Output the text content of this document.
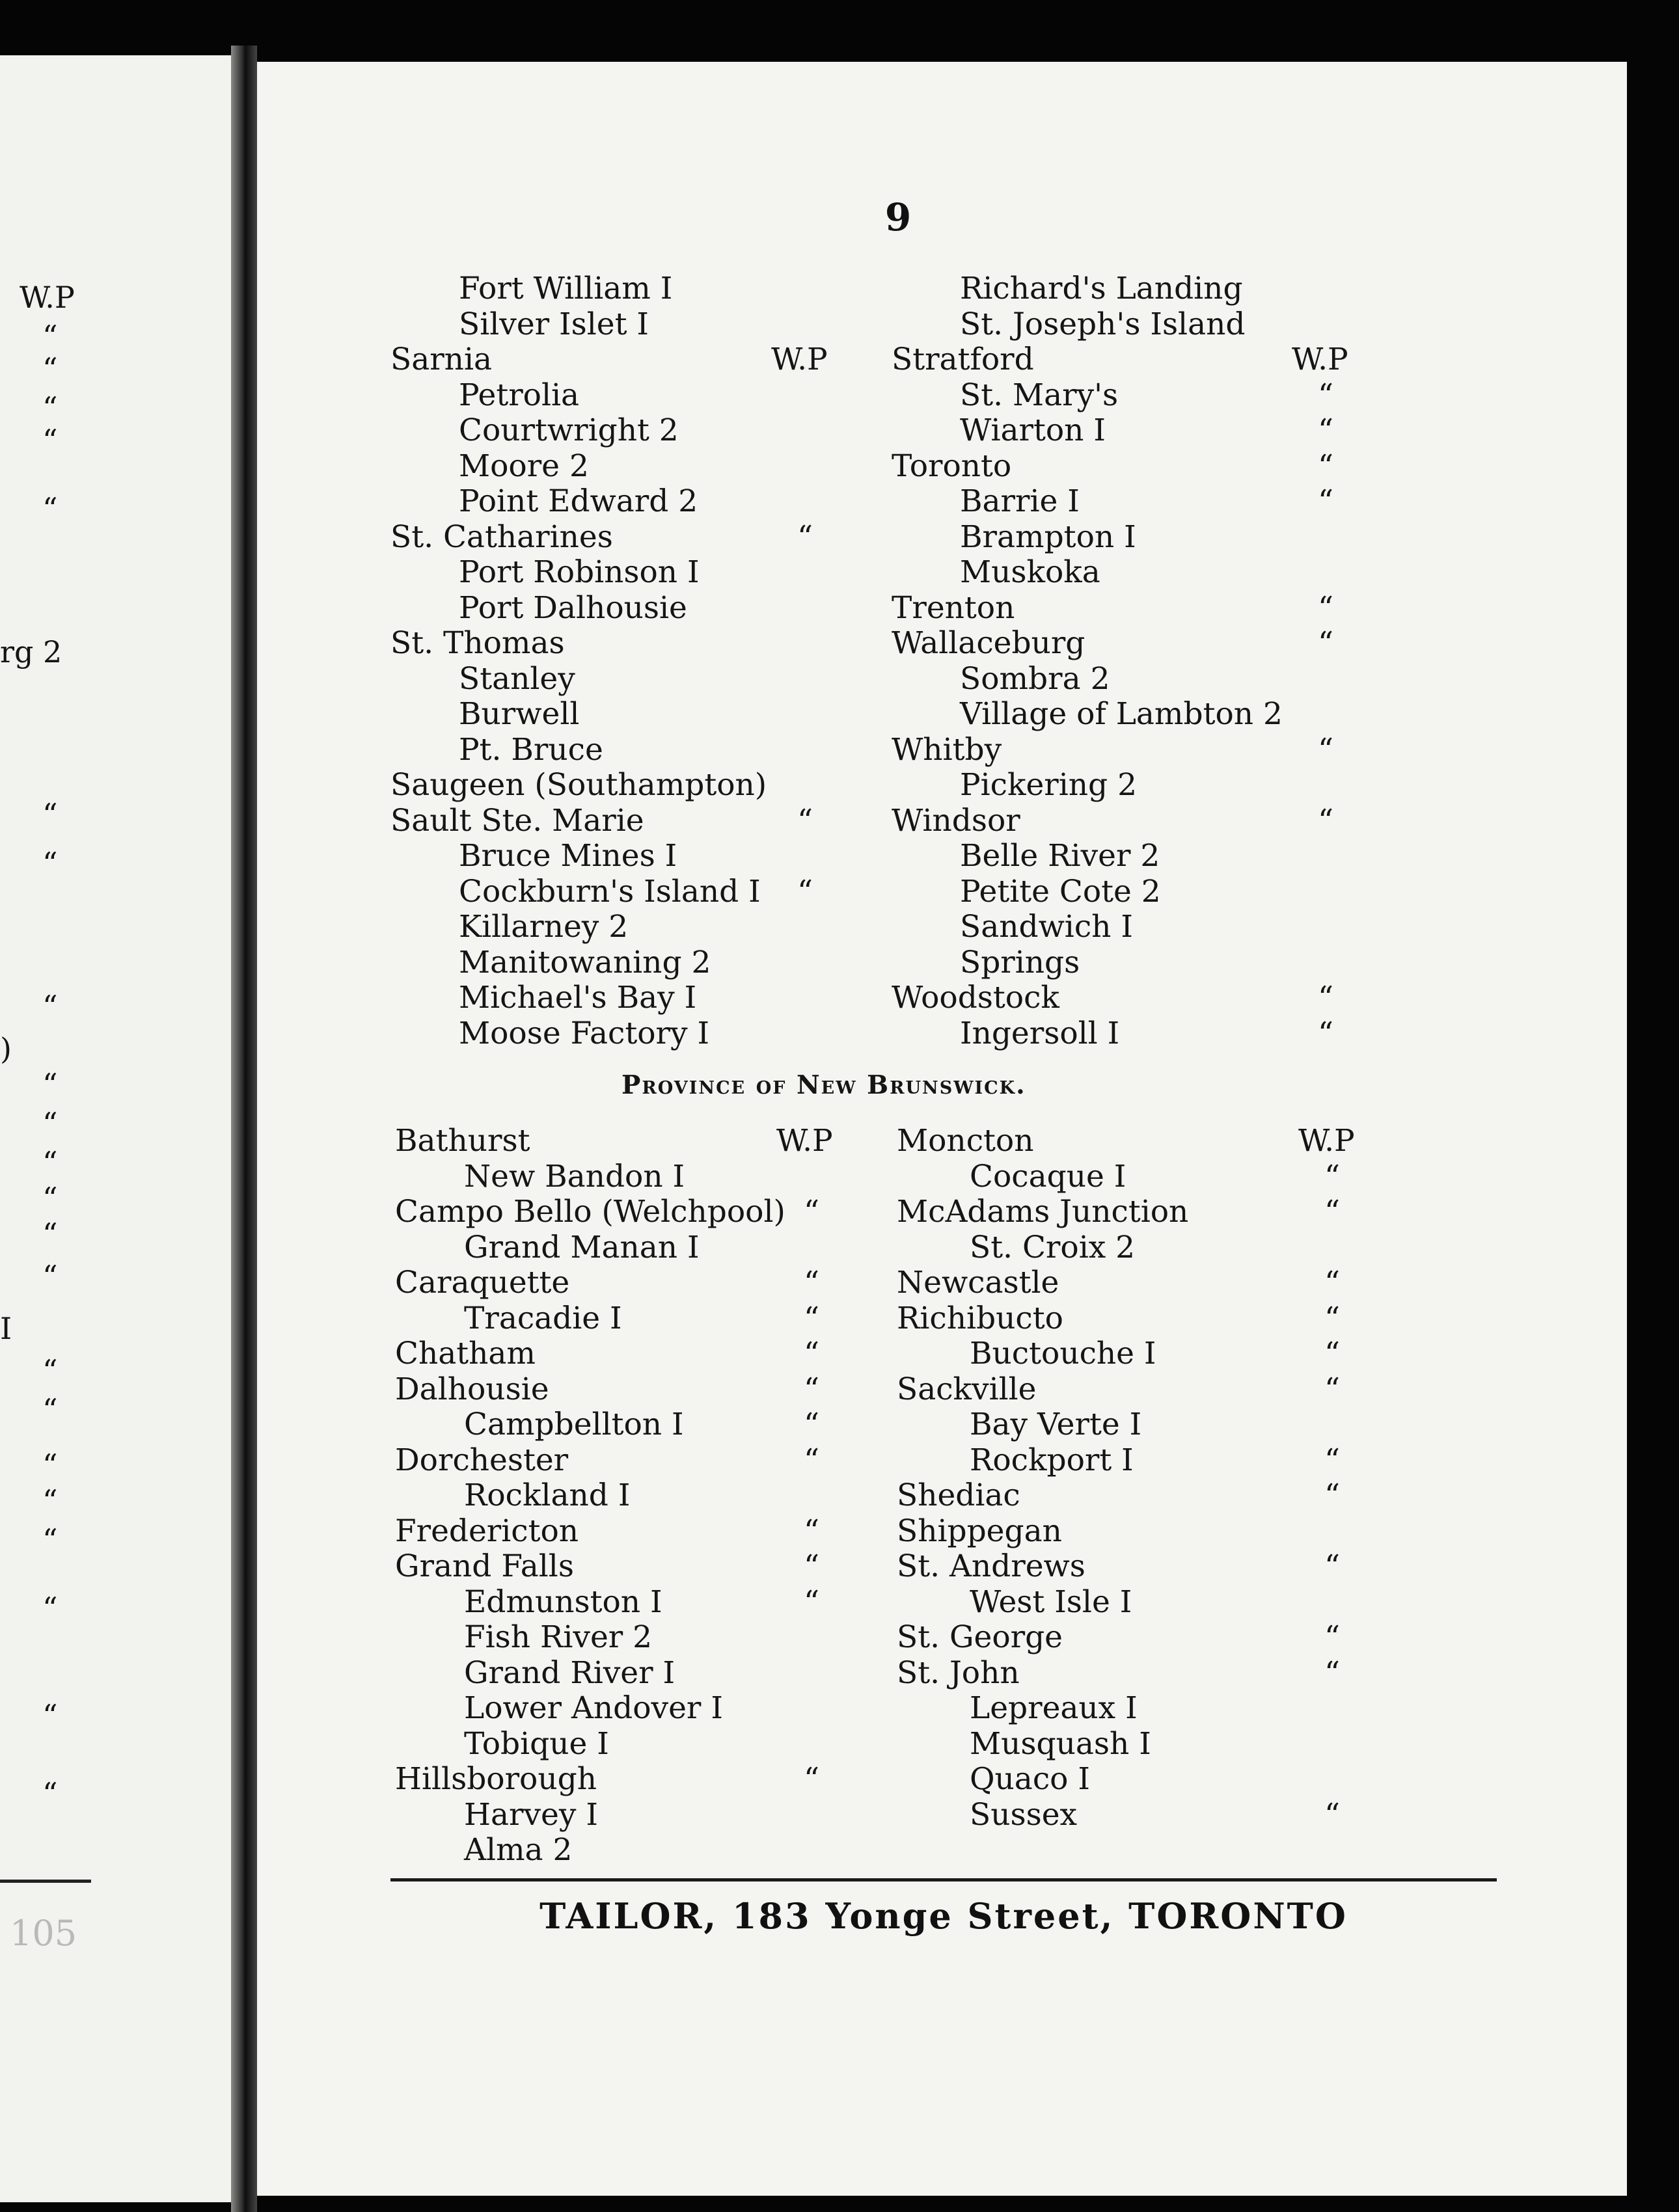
105
W.P
“
“
“
“
“
rg 2
“
“
“
)
“
“
“
“
“
“
I
“
“
“
“
“
“
“
“
9
Fort William I
Silver Islet I
Sarnia	W.P
Petrolia
Courtwright 2
Moore 2
Point Edward 2
St. Catharines	“
Port Robinson I
Port Dalhousie
St. Thomas
Stanley
Burwell
Pt. Bruce
Saugeen (Southampton)
Sault Ste. Marie	“
Bruce Mines I
Cockburn's Island I “
Killarney 2
Manitowaning 2
Michael's Bay I
Moose Factory I
Richard's Landing
St. Joseph's Island
Stratford	W.P
St. Mary's	“
Wiarton I	“
Toronto	“
Barrie I	“
Brampton I
Muskoka
Trenton	“
Wallaceburg	“
Sombra 2
Village of Lambton 2
Whitby	“
Pickering 2
Windsor	“
Belle River 2
Petite Cote 2
Sandwich I
Springs
Woodstock	“
Ingersoll I	“
Province of New Brunswick.
Bathurst	W.P
New Bandon I
Campo Bello (Welchpool) “
Grand Manan I
Caraquette	“
Tracadie I	“
Chatham	“
Dalhousie	“
Campbellton I	“
Dorchester	“
Rockland I
Fredericton	“
Grand Falls	“
Edmunston I	“
Fish River 2
Grand River I
Lower Andover I
Tobique I
Hillsborough	“
Harvey I
Alma 2
Moncton	W.P
Cocaque I	“
McAdams Junction	“
St. Croix 2
Newcastle	“
Richibucto	“
Buctouche I	“
Sackville	“
Bay Verte I
Rockport I	“
Shediac	“
Shippegan
St. Andrews	“
West Isle I
St. George	“
St. John	“
Lepreaux I
Musquash I
Quaco I
Sussex	“
TAILOR, 183 Yonge Street, TORONTO
